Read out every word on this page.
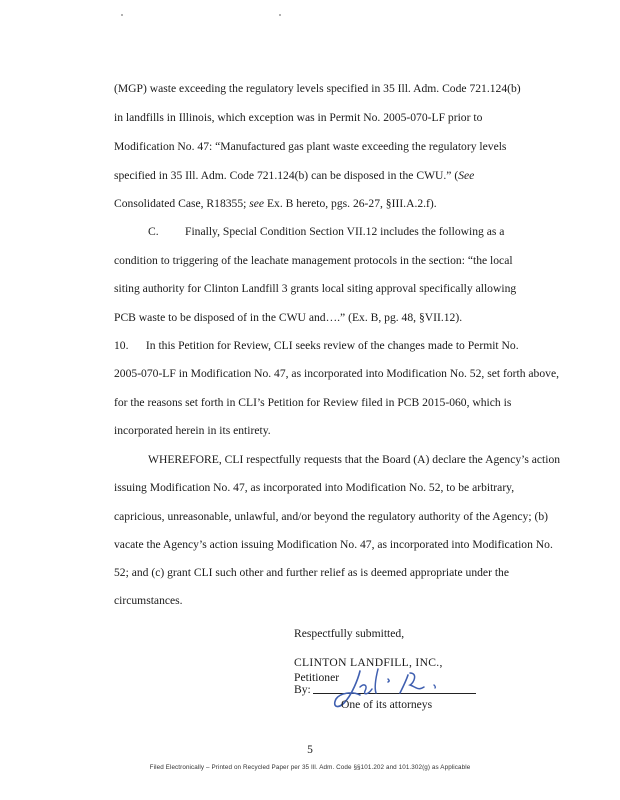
(MGP) waste exceeding the regulatory levels specified in 35 Ill. Adm. Code 721.124(b)
in landfills in Illinois, which exception was in Permit No. 2005-070-LF prior to
Modification No. 47: “Manufactured gas plant waste exceeding the regulatory levels
specified in 35 Ill. Adm. Code 721.124(b) can be disposed in the CWU.” (See
Consolidated Case, R18355; see Ex. B hereto, pgs. 26-27, §III.A.2.f).
C. Finally, Special Condition Section VII.12 includes the following as a
condition to triggering of the leachate management protocols in the section: “the local
siting authority for Clinton Landfill 3 grants local siting approval specifically allowing
PCB waste to be disposed of in the CWU and….” (Ex. B, pg. 48, §VII.12).
10.      In this Petition for Review, CLI seeks review of the changes made to Permit No.
2005-070-LF in Modification No. 47, as incorporated into Modification No. 52, set forth above,
for the reasons set forth in CLI’s Petition for Review filed in PCB 2015-060, which is
incorporated herein in its entirety.
WHEREFORE, CLI respectfully requests that the Board (A) declare the Agency’s action
issuing Modification No. 47, as incorporated into Modification No. 52, to be arbitrary,
capricious, unreasonable, unlawful, and/or beyond the regulatory authority of the Agency; (b)
vacate the Agency’s action issuing Modification No. 47, as incorporated into Modification No.
52; and (c) grant CLI such other and further relief as is deemed appropriate under the
circumstances.
Respectfully submitted,
CLINTON LANDFILL, INC.,
Petitioner
By:
One of its attorneys
5
Filed Electronically – Printed on Recycled Paper per 35 Ill. Adm. Code §§101.202 and 101.302(g) as Applicable
